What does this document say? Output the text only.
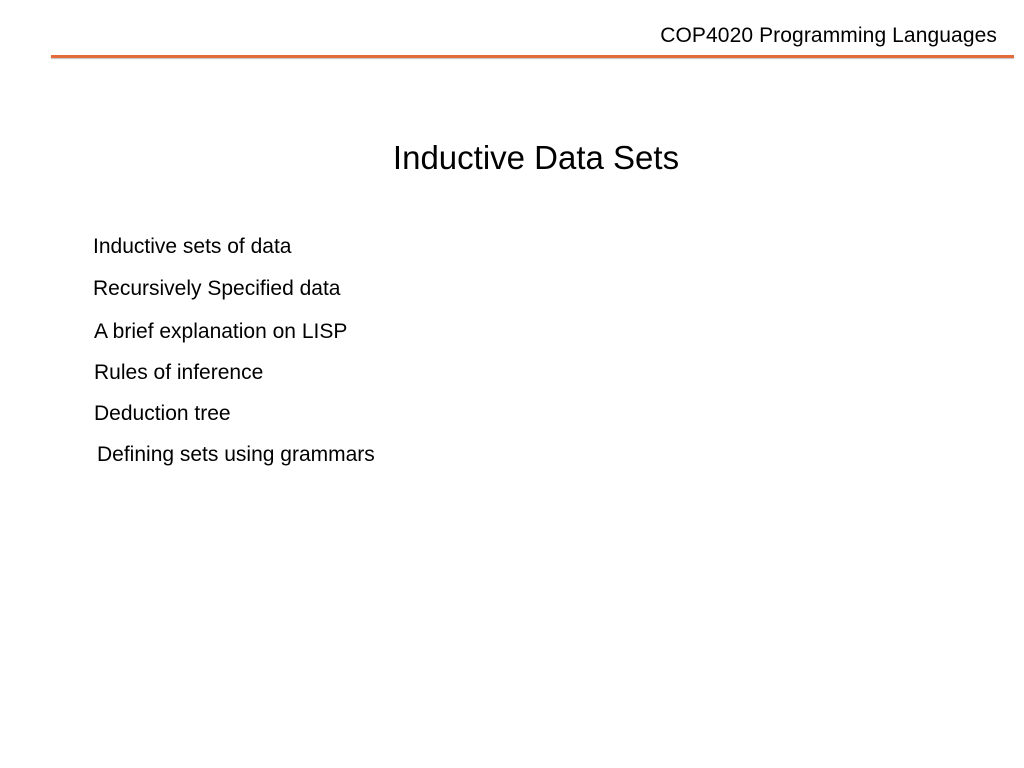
COP4020 Programming Languages
Inductive Data Sets
Inductive sets of data
Recursively Specified data
A brief explanation on LISP
Rules of inference
Deduction tree
Defining sets using grammars
